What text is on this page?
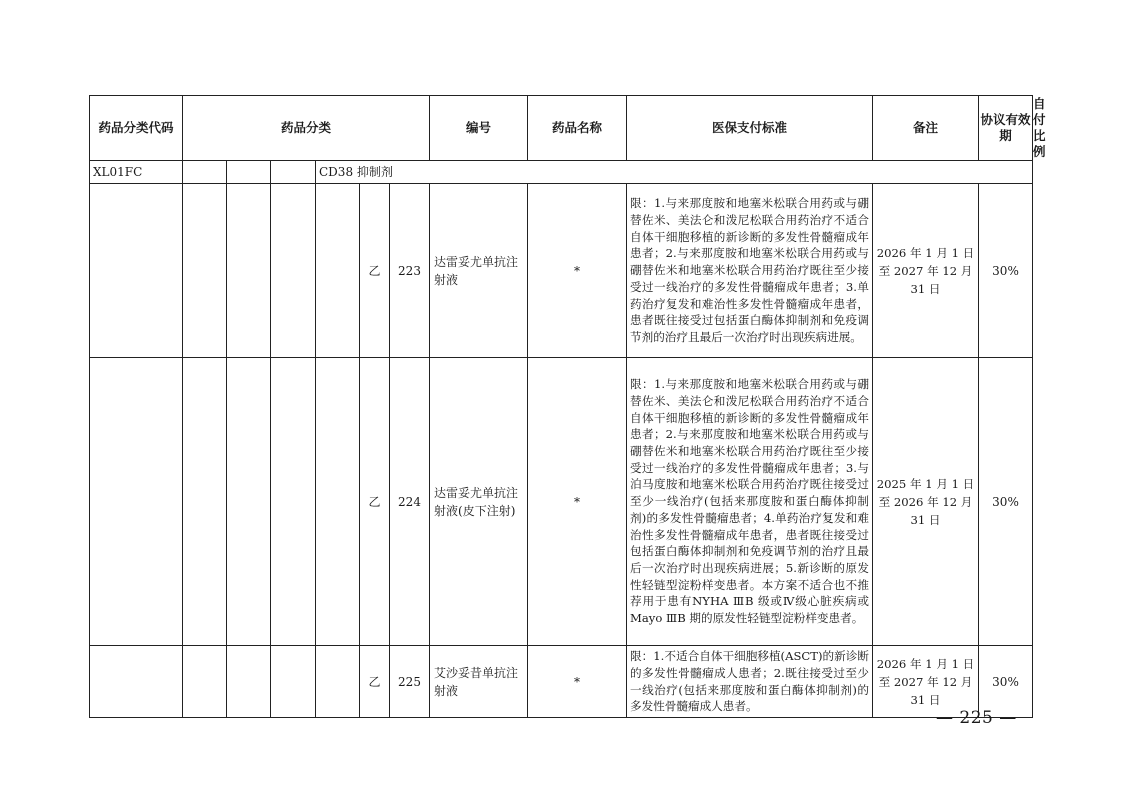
药品分类代码	药品分类						编号	药品名称	医保支付标准	备注	协议有效期	自付比例
XL01FC				CD38 抑制剂								
					乙	223	达雷妥尤单抗注射液	*	限：1.与来那度胺和地塞米松联合用药或与硼替佐米、美法仑和泼尼松联合用药治疗不适合自体干细胞移植的新诊断的多发性骨髓瘤成年患者；2.与来那度胺和地塞米松联合用药或与硼替佐米和地塞米松联合用药治疗既往至少接受过一线治疗的多发性骨髓瘤成年患者；3.单药治疗复发和难治性多发性骨髓瘤成年患者，患者既往接受过包括蛋白酶体抑制剂和免疫调节剂的治疗且最后一次治疗时出现疾病进展。	2026 年 1 月 1 日至 2027 年 12 月 31 日	30%	
					乙	224	达雷妥尤单抗注射液(皮下注射)	*	限：1.与来那度胺和地塞米松联合用药或与硼替佐米、美法仑和泼尼松联合用药治疗不适合自体干细胞移植的新诊断的多发性骨髓瘤成年患者；2.与来那度胺和地塞米松联合用药或与硼替佐米和地塞米松联合用药治疗既往至少接受过一线治疗的多发性骨髓瘤成年患者；3.与泊马度胺和地塞米松联合用药治疗既往接受过至少一线治疗(包括来那度胺和蛋白酶体抑制剂)的多发性骨髓瘤患者；4.单药治疗复发和难治性多发性骨髓瘤成年患者，患者既往接受过包括蛋白酶体抑制剂和免疫调节剂的治疗且最后一次治疗时出现疾病进展；5.新诊断的原发性轻链型淀粉样变患者。本方案不适合也不推荐用于患有NYHA ⅢB 级或Ⅳ级心脏疾病或 Mayo ⅢB 期的原发性轻链型淀粉样变患者。	2025 年 1 月 1 日至 2026 年 12 月 31 日	30%	
					乙	225	艾沙妥昔单抗注射液	*	限：1.不适合自体干细胞移植(ASCT)的新诊断的多发性骨髓瘤成人患者；2.既往接受过至少一线治疗(包括来那度胺和蛋白酶体抑制剂)的多发性骨髓瘤成人患者。	2026 年 1 月 1 日至 2027 年 12 月 31 日	30%	
— 225 —
